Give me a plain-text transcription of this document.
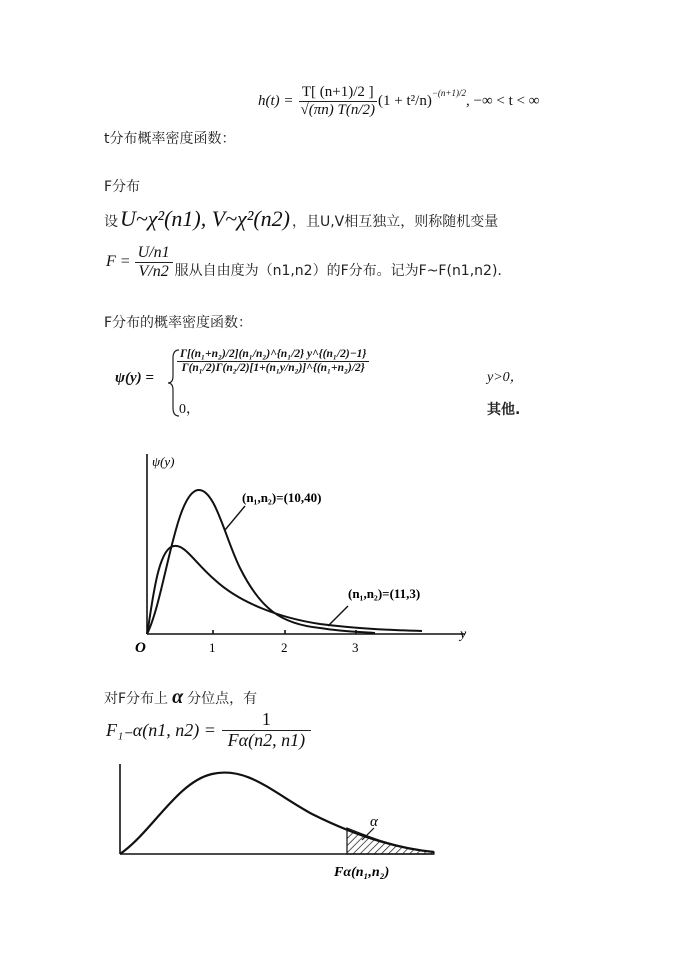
$h(t) = \frac{T[ (n+1)/2 ]}{√(\pi n) T(n/2)} (1 + t^2/n)^{-(n+1)/2}$ , −∞ < t < ∞
t分布概率密度函数：
F分布
设 U~χ²(n1), V~χ²(n2) ，且U,V相互独立，则称随机变量
$F = \frac{U/n1}{V/n2}$ 服从自由度为（n1,n2）的F分布。记为F~F(n1,n2).
F分布的概率密度函数：
ψ(y) =
$\frac{\text{Γ[(n₁+n₂)/2](n₁/n₂)\textasciicircum{}\{n₁/2\} y\textasciicircum{}\{(n₁/2)−1\}}}{\text{Γ(n₁/2)Γ(n₂/2)[1+(n₁y/n₂)]\textasciicircum{}\{(n₁+n₂)/2\}}}$
y>0，
0，	其他.
ψ(y)
(n₁,n₂)=(10,40)
(n₁,n₂)=(11,3)
O	1	2	3
y
对F分布上 α 分位点，有
F₁₋α(n1, $n2) = \frac{1}{F\alpha(n2, n1)}$
α
Fα(n₁,n₂)
